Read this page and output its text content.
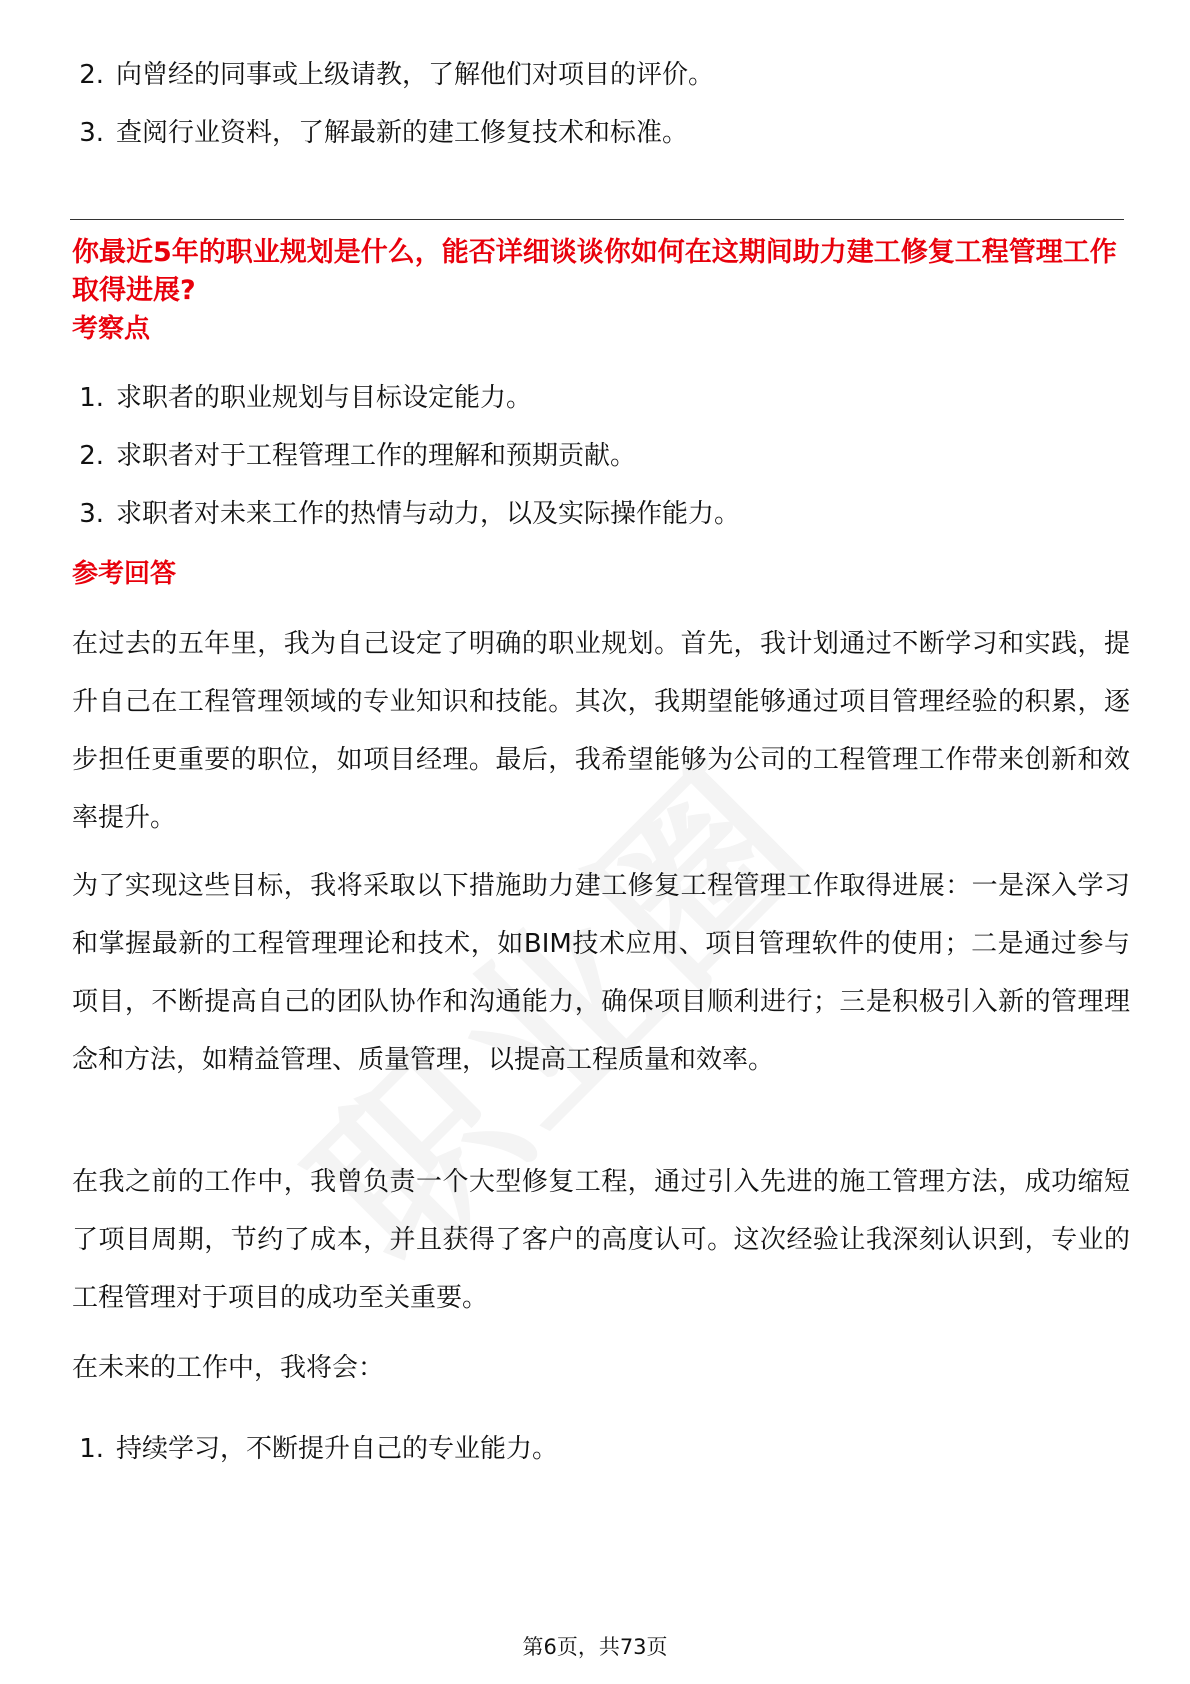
2. 向曾经的同事或上级请教，了解他们对项目的评价。
3. 查阅行业资料，了解最新的建工修复技术和标准。
你最近5年的职业规划是什么，能否详细谈谈你如何在这期间助力建工修复工程管理工作取得进展?
考察点
1. 求职者的职业规划与目标设定能力。
2. 求职者对于工程管理工作的理解和预期贡献。
3. 求职者对未来工作的热情与动力，以及实际操作能力。
参考回答

在过去的五年里，我为自己设定了明确的职业规划。首先，我计划通过不断学习和实践，提升自己在工程管理领域的专业知识和技能。其次，我期望能够通过项目管理经验的积累，逐步担任更重要的职位，如项目经理。最后，我希望能够为公司的工程管理工作带来创新和效率提升。

为了实现这些目标，我将采取以下措施助力建工修复工程管理工作取得进展：一是深入学习和掌握最新的工程管理理论和技术，如BIM技术应用、项目管理软件的使用；二是通过参与项目，不断提高自己的团队协作和沟通能力，确保项目顺利进行；三是积极引入新的管理理念和方法，如精益管理、质量管理，以提高工程质量和效率。

在我之前的工作中，我曾负责一个大型修复工程，通过引入先进的施工管理方法，成功缩短了项目周期，节约了成本，并且获得了客户的高度认可。这次经验让我深刻认识到，专业的工程管理对于项目的成功至关重要。

在未来的工作中，我将会：

1. 持续学习，不断提升自己的专业能力。
第6页，共73页
